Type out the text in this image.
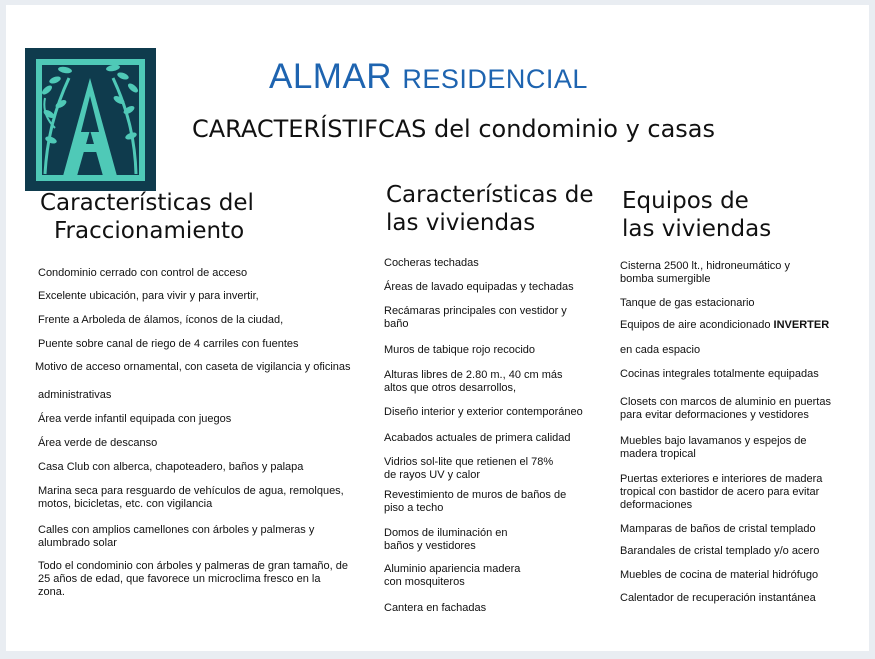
ALMAR RESIDENCIAL
CARACTERÍSTIFCAS del condominio y casas
Características del
Fraccionamiento
Condominio cerrado con control de acceso
Excelente ubicación, para vivir y para invertir,
Frente a Arboleda de álamos, íconos de la ciudad,
Puente sobre canal de riego de 4 carriles con fuentes
Motivo de acceso ornamental, con caseta de vigilancia y oficinas
administrativas
Área verde infantil equipada con juegos
Área verde de descanso
Casa Club con alberca, chapoteadero, baños y palapa
Marina seca para resguardo de vehículos de agua, remolques,
motos, bicicletas, etc. con vigilancia
Calles con amplios camellones con árboles y palmeras y
alumbrado solar
Todo el condominio con árboles y palmeras de gran tamaño, de
25 años de edad, que favorece un microclima fresco en la
zona.
Características de
las viviendas
Cocheras techadas
Áreas de lavado equipadas y techadas
Recámaras principales con vestidor y
baño
Muros de tabique rojo recocido
Alturas libres de 2.80 m., 40 cm más
altos que otros desarrollos,
Diseño interior y exterior contemporáneo
Acabados actuales de primera calidad
Vidrios sol-lite que retienen el 78%
de rayos UV y calor
Revestimiento de muros de baños de
piso a techo
Domos de iluminación en
baños y vestidores
Aluminio apariencia madera
con mosquiteros
Cantera en fachadas
Equipos de
las viviendas
Cisterna 2500 lt., hidroneumático y
bomba sumergible
Tanque de gas estacionario
Equipos de aire acondicionado INVERTER
en cada espacio
Cocinas integrales totalmente equipadas
Closets con marcos de aluminio en puertas
para evitar deformaciones y vestidores
Muebles bajo lavamanos y espejos de
madera tropical
Puertas exteriores e interiores de madera
tropical con bastidor de acero para evitar
deformaciones
Mamparas de baños de cristal templado
Barandales de cristal templado y/o acero
Muebles de cocina de material hidrófugo
Calentador de recuperación instantánea
